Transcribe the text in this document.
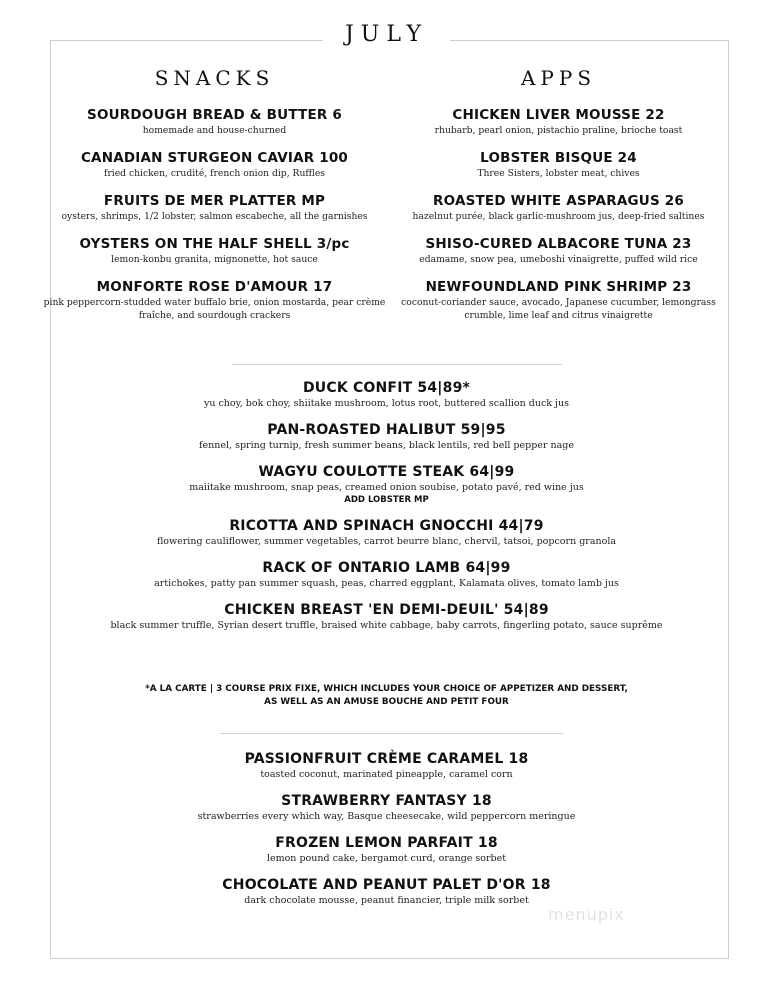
JULY
SNACKS
SOURDOUGH BREAD & BUTTER 6
homemade and house-churned
CANADIAN STURGEON CAVIAR 100
fried chicken, crudité, french onion dip, Ruffles
FRUITS DE MER PLATTER MP
oysters, shrimps, 1/2 lobster, salmon escabeche, all the garnishes
OYSTERS ON THE HALF SHELL 3/pc
lemon-konbu granita, mignonette, hot sauce
MONFORTE ROSE D'AMOUR 17
pink peppercorn-studded water buffalo brie, onion mostarda, pear crème fraîche, and sourdough crackers
APPS
CHICKEN LIVER MOUSSE 22
rhubarb, pearl onion, pistachio praline, brioche toast
LOBSTER BISQUE 24
Three Sisters, lobster meat, chives
ROASTED WHITE ASPARAGUS 26
hazelnut purée, black garlic-mushroom jus, deep-fried saltines
SHISO-CURED ALBACORE TUNA 23
edamame, snow pea, umeboshi vinaigrette, puffed wild rice
NEWFOUNDLAND PINK SHRIMP 23
coconut-coriander sauce, avocado, Japanese cucumber, lemongrass crumble, lime leaf and citrus vinaigrette
DUCK CONFIT 54|89*
yu choy, bok choy, shiitake mushroom, lotus root, buttered scallion duck jus
PAN-ROASTED HALIBUT 59|95
fennel, spring turnip, fresh summer beans, black lentils, red bell pepper nage
WAGYU COULOTTE STEAK 64|99
maiitake mushroom, snap peas, creamed onion soubise, potato pavé, red wine jus
ADD LOBSTER MP
RICOTTA AND SPINACH GNOCCHI 44|79
flowering cauliflower, summer vegetables, carrot beurre blanc, chervil, tatsoi, popcorn granola
RACK OF ONTARIO LAMB 64|99
artichokes, patty pan summer squash, peas, charred eggplant, Kalamata olives, tomato lamb jus
CHICKEN BREAST 'EN DEMI-DEUIL' 54|89
black summer truffle, Syrian desert truffle, braised white cabbage, baby carrots, fingerling potato, sauce suprême
*A LA CARTE | 3 COURSE PRIX FIXE, WHICH INCLUDES YOUR CHOICE OF APPETIZER AND DESSERT,
AS WELL AS AN AMUSE BOUCHE AND PETIT FOUR
PASSIONFRUIT CRÈME CARAMEL 18
toasted coconut, marinated pineapple, caramel corn
STRAWBERRY FANTASY 18
strawberries every which way, Basque cheesecake, wild peppercorn meringue
FROZEN LEMON PARFAIT 18
lemon pound cake, bergamot curd, orange sorbet
CHOCOLATE AND PEANUT PALET D'OR 18
dark chocolate mousse, peanut financier, triple milk sorbet
menupix
